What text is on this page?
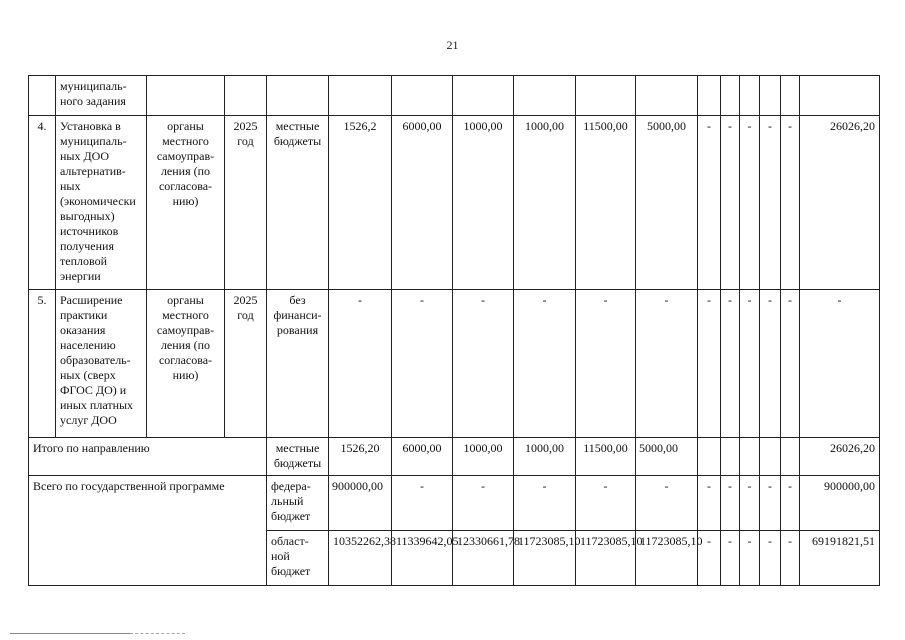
21
	муниципаль-
ного задания															
4.	Установка в муниципаль-ных ДОО альтернатив-ных (экономически выгодных) источников получения тепловой энергии	органы местного самоуправ-ления (по согласова-нию)	2025 год	местные бюджеты	1526,2	6000,00	1000,00	1000,00	11500,00	5000,00	-	-	-	-	-	26026,20
5.	Расширение практики оказания населению образователь-ных (сверх ФГОС ДО) и иных платных услуг ДОО	органы местного самоуправ-ления (по согласова-нию)	2025 год	без финанси-рования	-	-	-	-	-	-	-	-	-	-	-	-
Итого по направлению				местные бюджеты	1526,20	6000,00	1000,00	1000,00	11500,00	5000,00						26026,20
Всего по государственной программе				федера-льный бюджет	900000,00	-	-	-	-	-	-	-	-	-	-	900000,00
				област-ной бюджет	10352262,38	11339642,05	12330661,78	11723085,10	11723085,10	11723085,10	-	-	-	-	-	69191821,51
